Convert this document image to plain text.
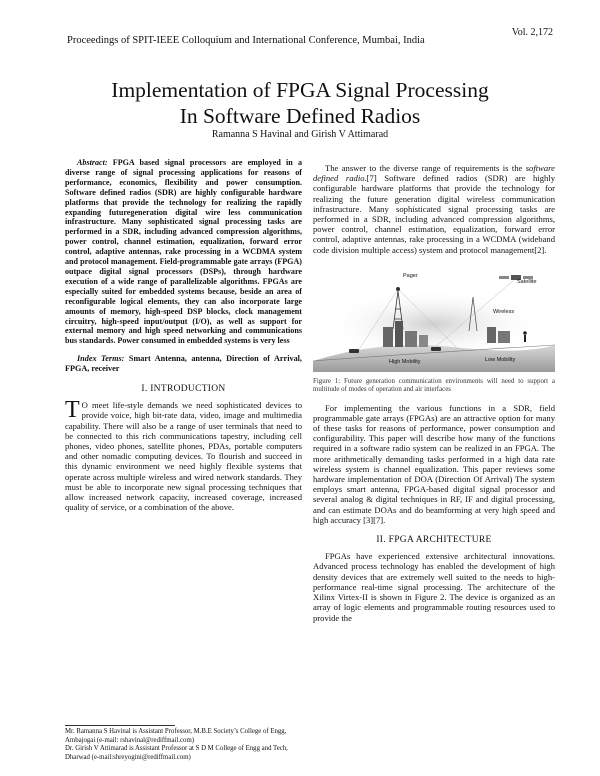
Vol. 2,172
Proceedings of SPIT-IEEE Colloquium and International Conference, Mumbai, India
Implementation of FPGA Signal Processing
In Software Defined Radios
Ramanna S Havinal and Girish V Attimarad

Abstract: FPGA based signal processors are employed in a diverse range of signal processing applications for reasons of performance, economics, flexibility and power consumption. Software defined radios (SDR) are highly configurable hardware platforms that provide the technology for realizing the rapidly expanding futuregeneration digital wire less communication infrastructure. Many sophisticated signal processing tasks are performed in a SDR, including advanced compression algorithms, power control, channel estimation, equalization, forward error control, adaptive antennas, rake processing in a WCDMA system and protocol management. Field-programmable gate arrays (FPGA) outpace digital signal processors (DSPs), through hardware execution of a wide range of parallelizable algorithms. FPGAs are especially suited for embedded systems because, beside an area of reconfigurable logical elements, they can also incorporate large amounts of memory, high-speed DSP blocks, clock management circuitry, high-speed input/output (I/O), as well as support for external memory and high speed networking and communications bus standards. Power consumed in embedded systems is very less

Index Terms: Smart Antenna, antenna, Direction of Arrival, FPGA, receiver

I. INTRODUCTION

T O meet life-style demands we need sophisticated devices to provide voice, high bit-rate data, video, image and multimedia capability. There will also be a range of user terminals that need to be connected to this rich communications tapestry, including cell phones, video phones, satellite phones, PDAs, portable computers and other nomadic computing devices. To flourish and succeed in this dynamic environment we need highly flexible systems that operate across multiple wireless and wired network standards. They must be able to incorporate new signal processing techniques that allow increased network capacity, increased coverage, increased quality of service, or a combination of the above.

Mr. Ramanna S Havinal is Assistant Professor, M.B.E Society’s College of Engg, Ambajogai (e-mail: rshavinal@rediffmail.com)
Dr. Girish V Attimarad is Assistant Professor at S D M College of Engg and Tech, Dharwad (e-mail:shreyogini@rediffmail.com)

The answer to the diverse range of requirements is the software defined radio.[7] Software defined radios (SDR) are highly configurable hardware platforms that provide the technology for realizing the future generation digital wireless communication infrastructure. Many sophisticated signal processing tasks are performed in a SDR, including advanced compression algorithms, power control, channel estimation, equalization, forward error control, adaptive antennas, rake processing in a WCDMA (wideband code division multiple access) system and protocol management[2].

Satellite
Pager
Wireless
High Mobility	Low Mobility
Figure 1: Future generation communication environments will need to support a multitude of modes of operation and air interfaces

For implementing the various functions in a SDR, field programmable gate arrays (FPGAs) are an attractive option for many of these tasks for reasons of performance, power consumption and configurability. This paper will describe how many of the functions required in a software radio system can be realized in an FPGA. The more arithmetically demanding tasks performed in a high data rate wireless system is channel equalization. This paper reviews some hardware implementation of DOA (Direction Of Arrival) The system employs smart antenna, FPGA-based digital signal processor and several analog & digital techniques in RF, IF and digital processing, and can estimate DOAs and do beamforming at very high speed and high accuracy [3][7].

II. FPGA ARCHITECTURE

FPGAs have experienced extensive architectural innovations. Advanced process technology has enabled the development of high density devices that are extremely well suited to the needs to high-performance real-time signal processing. The architecture of the Xilinx Virtex-II is shown in Figure 2. The device is organized as an array of logic elements and programmable routing resources used to provide the
